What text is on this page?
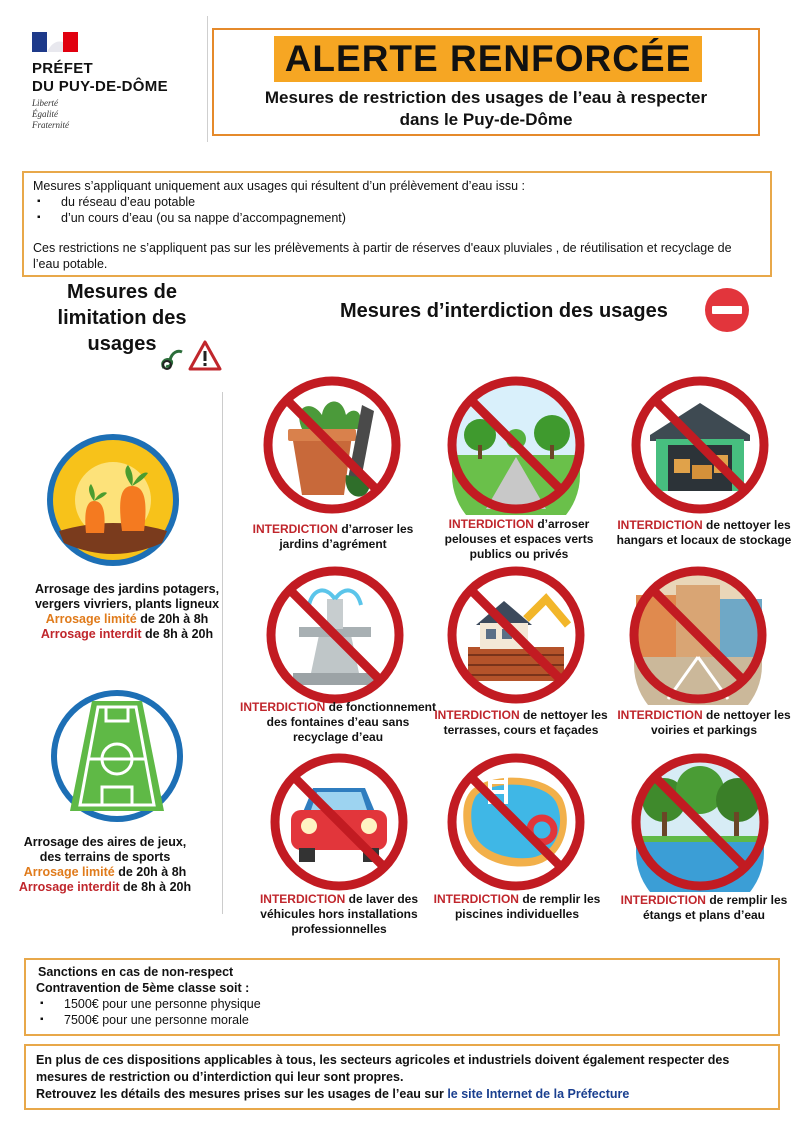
PRÉFET
DU PUY-DE-DÔME
Liberté
Égalité
Fraternité
ALERTE RENFORCÉE
Mesures de restriction des usages de l’eau à respecter
dans le Puy-de-Dôme
Mesures s’appliquant uniquement aux usages qui résultent d’un prélèvement d’eau issu :
▪ du réseau d’eau potable
▪ d’un cours d’eau (ou sa nappe d’accompagnement)
Ces restrictions ne s’appliquent pas sur les prélèvements à partir de réserves d'eaux pluviales , de réutilisation et recyclage de l’eau potable.
Mesures de
limitation des
usages
Mesures d’interdiction des usages
Arrosage des jardins potagers,
vergers vivriers, plants ligneux
Arrosage limité de 20h à 8h
Arrosage interdit de 8h à 20h
Arrosage des aires de jeux,
des terrains de sports
Arrosage limité de 20h à 8h
Arrosage interdit de 8h à 20h
INTERDICTION d’arroser les jardins d’agrément
INTERDICTION d’arroser pelouses et espaces verts publics ou privés
INTERDICTION de nettoyer les hangars et locaux de stockage
INTERDICTION de fonctionnement des fontaines d’eau sans recyclage d’eau
INTERDICTION de nettoyer les terrasses, cours et façades
INTERDICTION de nettoyer les voiries et parkings
INTERDICTION de laver des véhicules hors installations professionnelles
INTERDICTION de remplir les piscines individuelles
INTERDICTION de remplir les étangs et plans d’eau
Sanctions en cas de non-respect
Contravention de 5ème classe soit :
▪ 1500€ pour une personne physique
▪ 7500€ pour une personne morale
En plus de ces dispositions applicables à tous, les secteurs agricoles et industriels doivent également respecter des mesures de restriction ou d’interdiction qui leur sont propres.
Retrouvez les détails des mesures prises sur les usages de l’eau sur le site Internet de la Préfecture
